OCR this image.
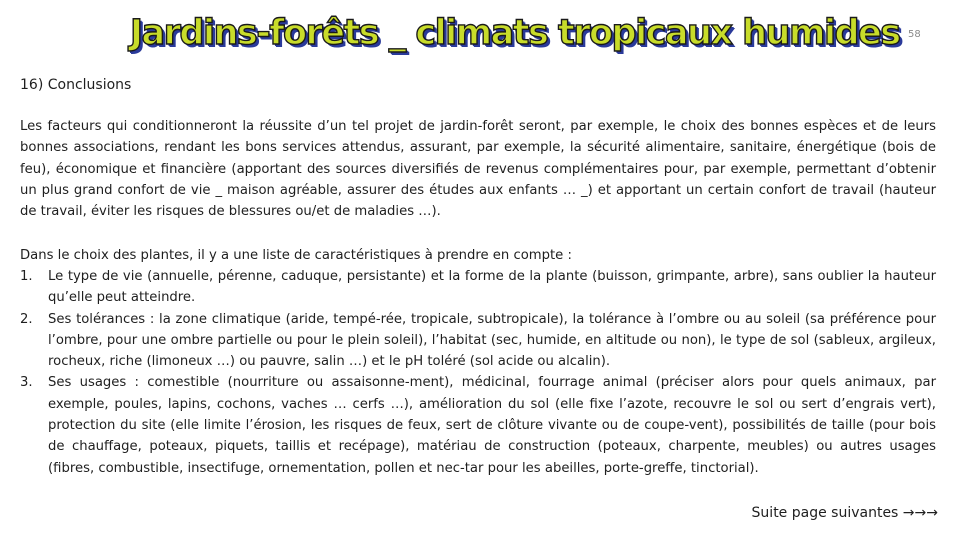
Jardins-forêts _ climats tropicaux humides 58
16) Conclusions

Les facteurs qui conditionneront la réussite d’un tel projet de jardin-forêt seront, par exemple, le choix des bonnes espèces et de leurs bonnes associations, rendant les bons services attendus, assurant, par exemple, la sécurité alimentaire, sanitaire, énergétique (bois de feu), économique et financière (apportant des sources diversifiés de revenus complémentaires pour, par exemple, permettant d’obtenir un plus grand confort de vie _ maison agréable, assurer des études aux enfants … _) et apportant un certain confort de travail (hauteur de travail, éviter les risques de blessures ou/et de maladies …).

Dans le choix des plantes, il y a une liste de caractéristiques à prendre en compte :

1. Le type de vie (annuelle, pérenne, caduque, persistante) et la forme de la plante (buisson, grimpante, arbre), sans oublier la hauteur qu’elle peut atteindre.
2. Ses tolérances : la zone climatique (aride, tempé-rée, tropicale, subtropicale), la tolérance à l’ombre ou au soleil (sa préférence pour l’ombre, pour une ombre partielle ou pour le plein soleil), l’habitat (sec, humide, en altitude ou non), le type de sol (sableux, argileux, rocheux, riche (limoneux …) ou pauvre, salin …) et le pH toléré (sol acide ou alcalin).
3. Ses usages : comestible (nourriture ou assaisonne-ment), médicinal, fourrage animal (préciser alors pour quels animaux, par exemple, poules, lapins, cochons, vaches … cerfs …), amélioration du sol (elle fixe l’azote, recouvre le sol ou sert d’engrais vert), protection du site (elle limite l’érosion, les risques de feux, sert de clôture vivante ou de coupe-vent), possibilités de taille (pour bois de chauffage, poteaux, piquets, taillis et recépage), matériau de construction (poteaux, charpente, meubles) ou autres usages (fibres, combustible, insectifuge, ornementation, pollen et nec-tar pour les abeilles, porte-greffe, tinctorial).
Suite page suivantes →→→
